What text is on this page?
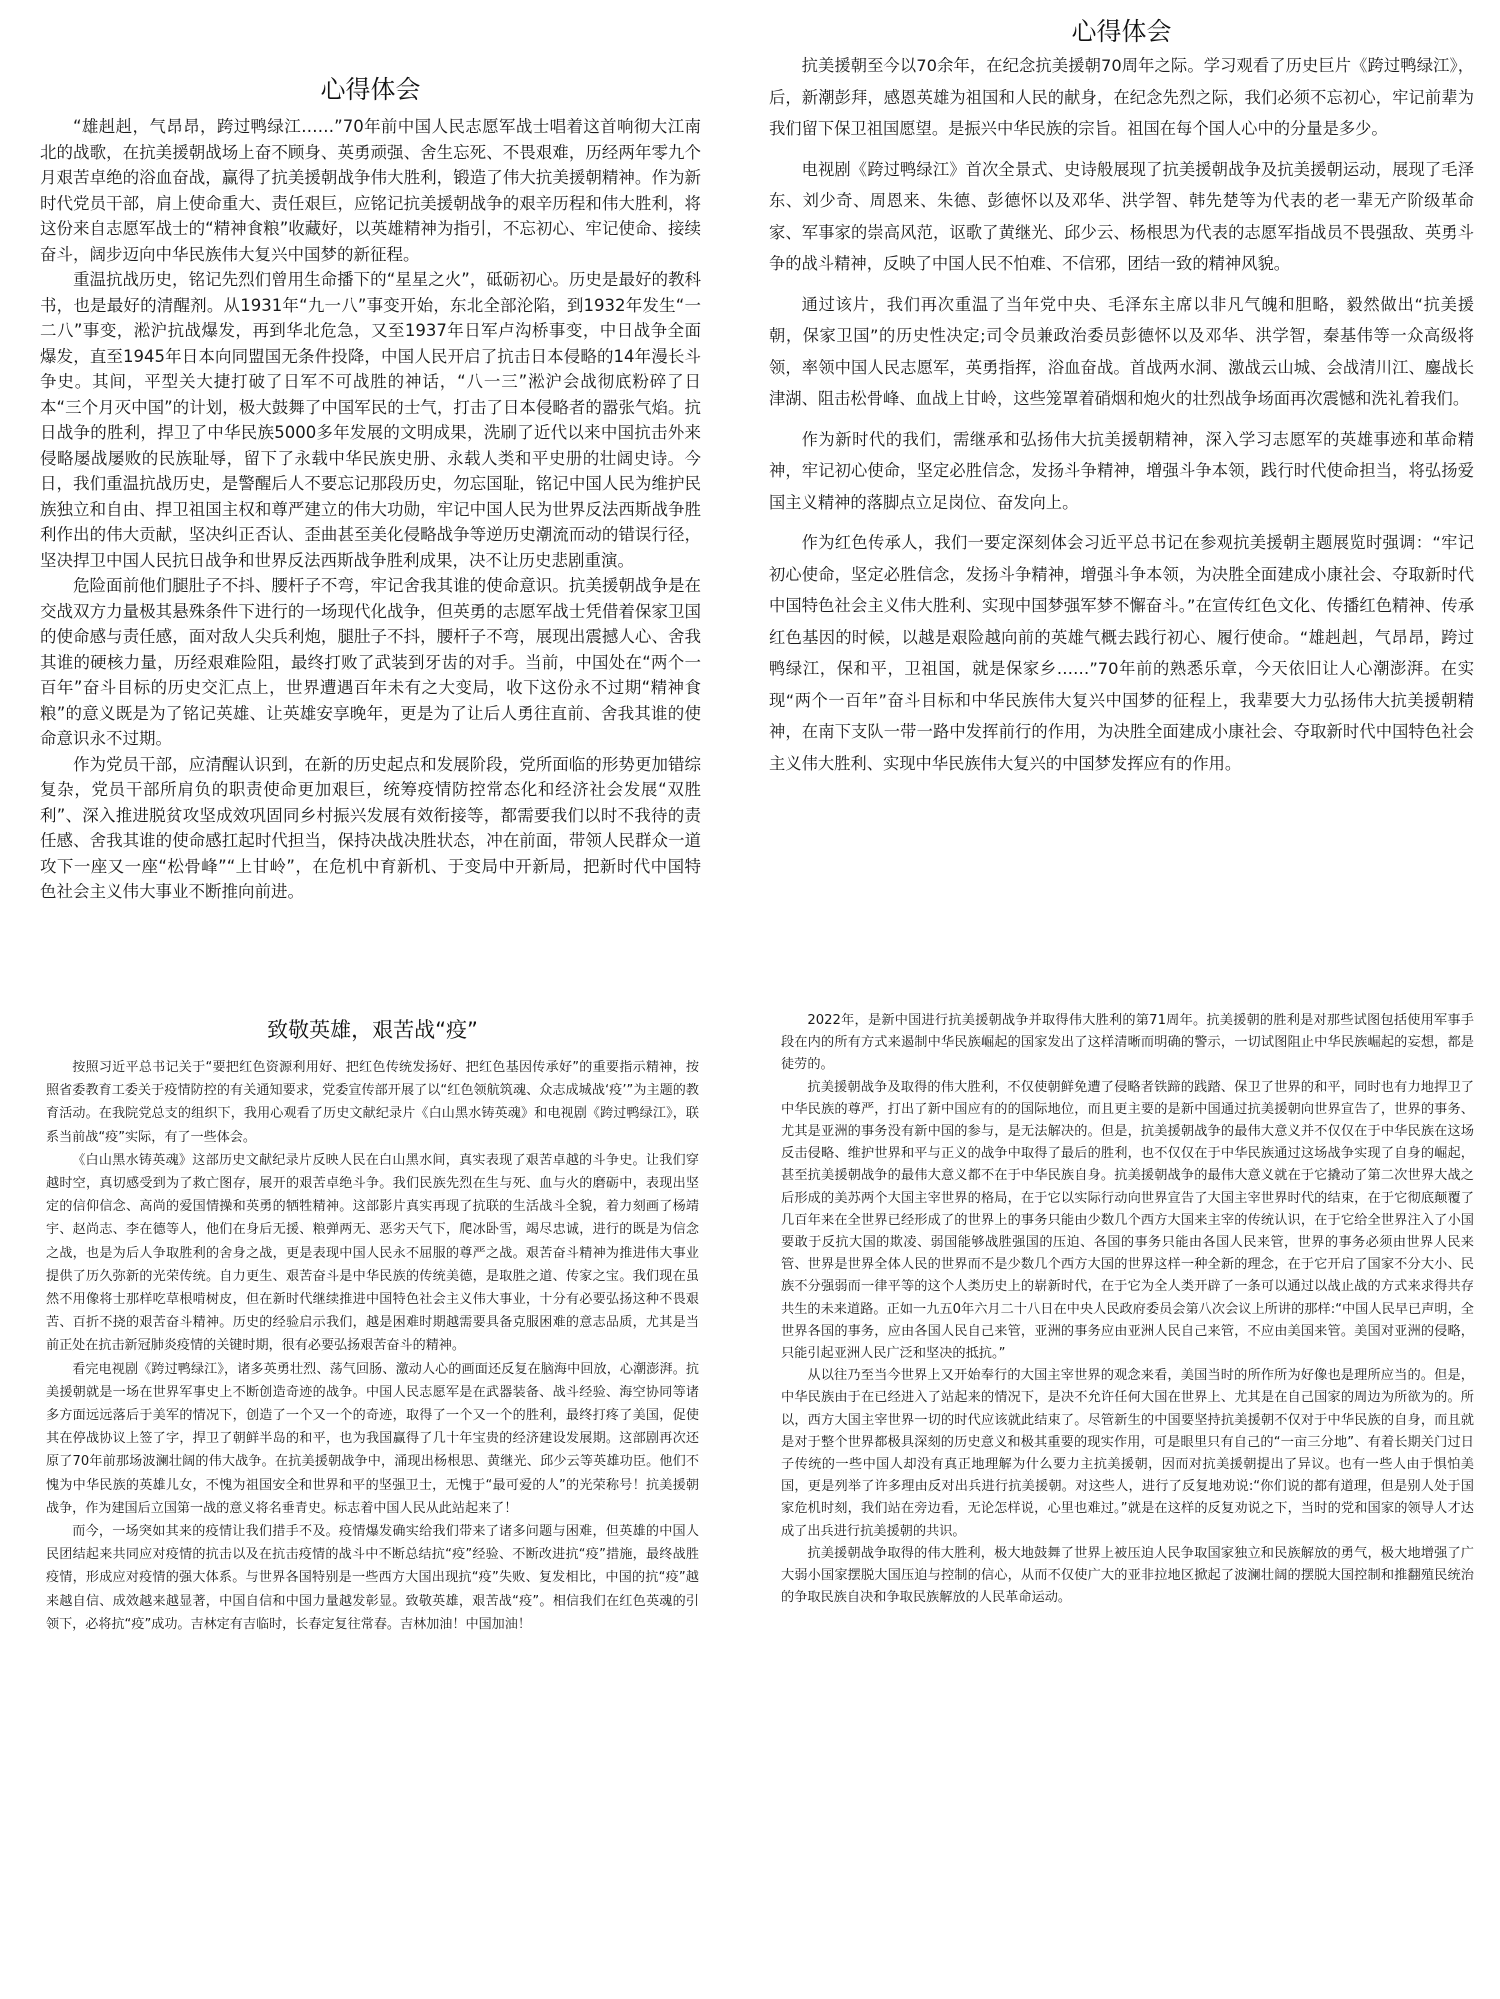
心得体会

“雄赳赳，气昂昂，跨过鸭绿江……”70年前中国人民志愿军战士唱着这首响彻大江南北的战歌，在抗美援朝战场上奋不顾身、英勇顽强、舍生忘死、不畏艰难，历经两年零九个月艰苦卓绝的浴血奋战，赢得了抗美援朝战争伟大胜利，锻造了伟大抗美援朝精神。作为新时代党员干部，肩上使命重大、责任艰巨，应铭记抗美援朝战争的艰辛历程和伟大胜利，将这份来自志愿军战士的“精神食粮”收藏好，以英雄精神为指引，不忘初心、牢记使命、接续奋斗，阔步迈向中华民族伟大复兴中国梦的新征程。

重温抗战历史，铭记先烈们曾用生命播下的“星星之火”，砥砺初心。历史是最好的教科书，也是最好的清醒剂。从1931年“九一八”事变开始，东北全部沦陷，到1932年发生“一二八”事变，淞沪抗战爆发，再到华北危急，又至1937年日军卢沟桥事变，中日战争全面爆发，直至1945年日本向同盟国无条件投降，中国人民开启了抗击日本侵略的14年漫长斗争史。其间，平型关大捷打破了日军不可战胜的神话，“八一三”淞沪会战彻底粉碎了日本“三个月灭中国”的计划，极大鼓舞了中国军民的士气，打击了日本侵略者的嚣张气焰。抗日战争的胜利，捍卫了中华民族5000多年发展的文明成果，洗刷了近代以来中国抗击外来侵略屡战屡败的民族耻辱，留下了永载中华民族史册、永载人类和平史册的壮阔史诗。今日，我们重温抗战历史，是警醒后人不要忘记那段历史，勿忘国耻，铭记中国人民为维护民族独立和自由、捍卫祖国主权和尊严建立的伟大功勋，牢记中国人民为世界反法西斯战争胜利作出的伟大贡献，坚决纠正否认、歪曲甚至美化侵略战争等逆历史潮流而动的错误行径，坚决捍卫中国人民抗日战争和世界反法西斯战争胜利成果，决不让历史悲剧重演。

危险面前他们腿肚子不抖、腰杆子不弯，牢记舍我其谁的使命意识。抗美援朝战争是在交战双方力量极其悬殊条件下进行的一场现代化战争，但英勇的志愿军战士凭借着保家卫国的使命感与责任感，面对敌人尖兵利炮，腿肚子不抖，腰杆子不弯，展现出震撼人心、舍我其谁的硬核力量，历经艰难险阻，最终打败了武装到牙齿的对手。当前，中国处在“两个一百年”奋斗目标的历史交汇点上，世界遭遇百年未有之大变局，收下这份永不过期“精神食粮”的意义既是为了铭记英雄、让英雄安享晚年，更是为了让后人勇往直前、舍我其谁的使命意识永不过期。

作为党员干部，应清醒认识到，在新的历史起点和发展阶段，党所面临的形势更加错综复杂，党员干部所肩负的职责使命更加艰巨，统筹疫情防控常态化和经济社会发展“双胜利”、深入推进脱贫攻坚成效巩固同乡村振兴发展有效衔接等，都需要我们以时不我待的责任感、舍我其谁的使命感扛起时代担当，保持决战决胜状态，冲在前面，带领人民群众一道攻下一座又一座“松骨峰”“上甘岭”，在危机中育新机、于变局中开新局，把新时代中国特色社会主义伟大事业不断推向前进。

心得体会

抗美援朝至今以70余年，在纪念抗美援朝70周年之际。学习观看了历史巨片《跨过鸭绿江》，后，新潮彭拜，感恩英雄为祖国和人民的献身，在纪念先烈之际，我们必须不忘初心，牢记前辈为我们留下保卫祖国愿望。是振兴中华民族的宗旨。祖国在每个国人心中的分量是多少。

电视剧《跨过鸭绿江》首次全景式、史诗般展现了抗美援朝战争及抗美援朝运动，展现了毛泽东、刘少奇、周恩来、朱德、彭德怀以及邓华、洪学智、韩先楚等为代表的老一辈无产阶级革命家、军事家的崇高风范，讴歌了黄继光、邱少云、杨根思为代表的志愿军指战员不畏强敌、英勇斗争的战斗精神，反映了中国人民不怕难、不信邪，团结一致的精神风貌。

通过该片，我们再次重温了当年党中央、毛泽东主席以非凡气魄和胆略，毅然做出“抗美援朝，保家卫国”的历史性决定;司令员兼政治委员彭德怀以及邓华、洪学智，秦基伟等一众高级将领，率领中国人民志愿军，英勇指挥，浴血奋战。首战两水洞、激战云山城、会战清川江、鏖战长津湖、阻击松骨峰、血战上甘岭，这些笼罩着硝烟和炮火的壮烈战争场面再次震憾和洗礼着我们。

作为新时代的我们，需继承和弘扬伟大抗美援朝精神，深入学习志愿军的英雄事迹和革命精神，牢记初心使命，坚定必胜信念，发扬斗争精神，增强斗争本领，践行时代使命担当，将弘扬爱国主义精神的落脚点立足岗位、奋发向上。

作为红色传承人，我们一要定深刻体会习近平总书记在参观抗美援朝主题展览时强调：“牢记初心使命，坚定必胜信念，发扬斗争精神，增强斗争本领，为决胜全面建成小康社会、夺取新时代中国特色社会主义伟大胜利、实现中国梦强军梦不懈奋斗。”在宣传红色文化、传播红色精神、传承红色基因的时候，以越是艰险越向前的英雄气概去践行初心、履行使命。“雄赳赳，气昂昂，跨过鸭绿江，保和平，卫祖国，就是保家乡……”70年前的熟悉乐章，今天依旧让人心潮澎湃。在实现“两个一百年”奋斗目标和中华民族伟大复兴中国梦的征程上，我辈要大力弘扬伟大抗美援朝精神，在南下支队一带一路中发挥前行的作用，为决胜全面建成小康社会、夺取新时代中国特色社会主义伟大胜利、实现中华民族伟大复兴的中国梦发挥应有的作用。

致敬英雄，艰苦战“疫”

按照习近平总书记关于“要把红色资源利用好、把红色传统发扬好、把红色基因传承好”的重要指示精神，按照省委教育工委关于疫情防控的有关通知要求，党委宣传部开展了以“红色领航筑魂、众志成城战‘疫’”为主题的教育活动。在我院党总支的组织下，我用心观看了历史文献纪录片《白山黑水铸英魂》和电视剧《跨过鸭绿江》，联系当前战“疫”实际，有了一些体会。

《白山黑水铸英魂》这部历史文献纪录片反映人民在白山黑水间，真实表现了艰苦卓越的斗争史。让我们穿越时空，真切感受到为了救亡图存，展开的艰苦卓绝斗争。我们民族先烈在生与死、血与火的磨砺中，表现出坚定的信仰信念、高尚的爱国情操和英勇的牺牲精神。这部影片真实再现了抗联的生活战斗全貌，着力刻画了杨靖宇、赵尚志、李在德等人，他们在身后无援、粮弹两无、恶劣天气下，爬冰卧雪，竭尽忠诚，进行的既是为信念之战，也是为后人争取胜利的舍身之战，更是表现中国人民永不屈服的尊严之战。艰苦奋斗精神为推进伟大事业提供了历久弥新的光荣传统。自力更生、艰苦奋斗是中华民族的传统美德，是取胜之道、传家之宝。我们现在虽然不用像将士那样吃草根啃树皮，但在新时代继续推进中国特色社会主义伟大事业，十分有必要弘扬这种不畏艰苦、百折不挠的艰苦奋斗精神。历史的经验启示我们，越是困难时期越需要具备克服困难的意志品质，尤其是当前正处在抗击新冠肺炎疫情的关键时期，很有必要弘扬艰苦奋斗的精神。

看完电视剧《跨过鸭绿江》，诸多英勇壮烈、荡气回肠、激动人心的画面还反复在脑海中回放，心潮澎湃。抗美援朝就是一场在世界军事史上不断创造奇迹的战争。中国人民志愿军是在武器装备、战斗经验、海空协同等诸多方面远远落后于美军的情况下，创造了一个又一个的奇迹，取得了一个又一个的胜利，最终打疼了美国，促使其在停战协议上签了字，捍卫了朝鲜半岛的和平，也为我国赢得了几十年宝贵的经济建设发展期。这部剧再次还原了70年前那场波澜壮阔的伟大战争。在抗美援朝战争中，涌现出杨根思、黄继光、邱少云等英雄功臣。他们不愧为中华民族的英雄儿女，不愧为祖国安全和世界和平的坚强卫士，无愧于“最可爱的人”的光荣称号！抗美援朝战争，作为建国后立国第一战的意义将名垂青史。标志着中国人民从此站起来了！

而今，一场突如其来的疫情让我们措手不及。疫情爆发确实给我们带来了诸多问题与困难，但英雄的中国人民团结起来共同应对疫情的抗击以及在抗击疫情的战斗中不断总结抗“疫”经验、不断改进抗“疫”措施，最终战胜疫情，形成应对疫情的强大体系。与世界各国特别是一些西方大国出现抗“疫”失败、复发相比，中国的抗“疫”越来越自信、成效越来越显著，中国自信和中国力量越发彰显。致敬英雄，艰苦战“疫”。相信我们在红色英魂的引领下，必将抗“疫”成功。吉林定有吉临时，长春定复往常春。吉林加油！中国加油！

2022年，是新中国进行抗美援朝战争并取得伟大胜利的第71周年。抗美援朝的胜利是对那些试图包括使用军事手段在内的所有方式来遏制中华民族崛起的国家发出了这样清晰而明确的警示，一切试图阻止中华民族崛起的妄想，都是徒劳的。

抗美援朝战争及取得的伟大胜利，不仅使朝鲜免遭了侵略者铁蹄的践踏、保卫了世界的和平，同时也有力地捍卫了中华民族的尊严，打出了新中国应有的的国际地位，而且更主要的是新中国通过抗美援朝向世界宣告了，世界的事务、尤其是亚洲的事务没有新中国的参与，是无法解决的。但是，抗美援朝战争的最伟大意义并不仅仅在于中华民族在这场反击侵略、维护世界和平与正义的战争中取得了最后的胜利，也不仅仅在于中华民族通过这场战争实现了自身的崛起，甚至抗美援朝战争的最伟大意义都不在于中华民族自身。抗美援朝战争的最伟大意义就在于它撬动了第二次世界大战之后形成的美苏两个大国主宰世界的格局，在于它以实际行动向世界宣告了大国主宰世界时代的结束，在于它彻底颠覆了几百年来在全世界已经形成了的世界上的事务只能由少数几个西方大国来主宰的传统认识，在于它给全世界注入了小国要敢于反抗大国的欺凌、弱国能够战胜强国的压迫、各国的事务只能由各国人民来管，世界的事务必须由世界人民来管、世界是世界全体人民的世界而不是少数几个西方大国的世界这样一种全新的理念，在于它开启了国家不分大小、民族不分强弱而一律平等的这个人类历史上的崭新时代，在于它为全人类开辟了一条可以通过以战止战的方式来求得共存共生的未来道路。正如一九五0年六月二十八日在中央人民政府委员会第八次会议上所讲的那样:“中国人民早已声明，全世界各国的事务，应由各国人民自己来管，亚洲的事务应由亚洲人民自己来管，不应由美国来管。美国对亚洲的侵略，只能引起亚洲人民广泛和坚决的抵抗。”

从以往乃至当今世界上又开始奉行的大国主宰世界的观念来看，美国当时的所作所为好像也是理所应当的。但是，中华民族由于在已经进入了站起来的情况下，是决不允许任何大国在世界上、尤其是在自己国家的周边为所欲为的。所以，西方大国主宰世界一切的时代应该就此结束了。尽管新生的中国要坚持抗美援朝不仅对于中华民族的自身，而且就是对于整个世界都极具深刻的历史意义和极其重要的现实作用，可是眼里只有自己的“一亩三分地”、有着长期关门过日子传统的一些中国人却没有真正地理解为什么要力主抗美援朝，因而对抗美援朝提出了异议。也有一些人由于惧怕美国，更是列举了许多理由反对出兵进行抗美援朝。对这些人，进行了反复地劝说:“你们说的都有道理，但是别人处于国家危机时刻，我们站在旁边看，无论怎样说，心里也难过。”就是在这样的反复劝说之下，当时的党和国家的领导人才达成了出兵进行抗美援朝的共识。

抗美援朝战争取得的伟大胜利，极大地鼓舞了世界上被压迫人民争取国家独立和民族解放的勇气，极大地增强了广大弱小国家摆脱大国压迫与控制的信心，从而不仅使广大的亚非拉地区掀起了波澜壮阔的摆脱大国控制和推翻殖民统治的争取民族自决和争取民族解放的人民革命运动。
